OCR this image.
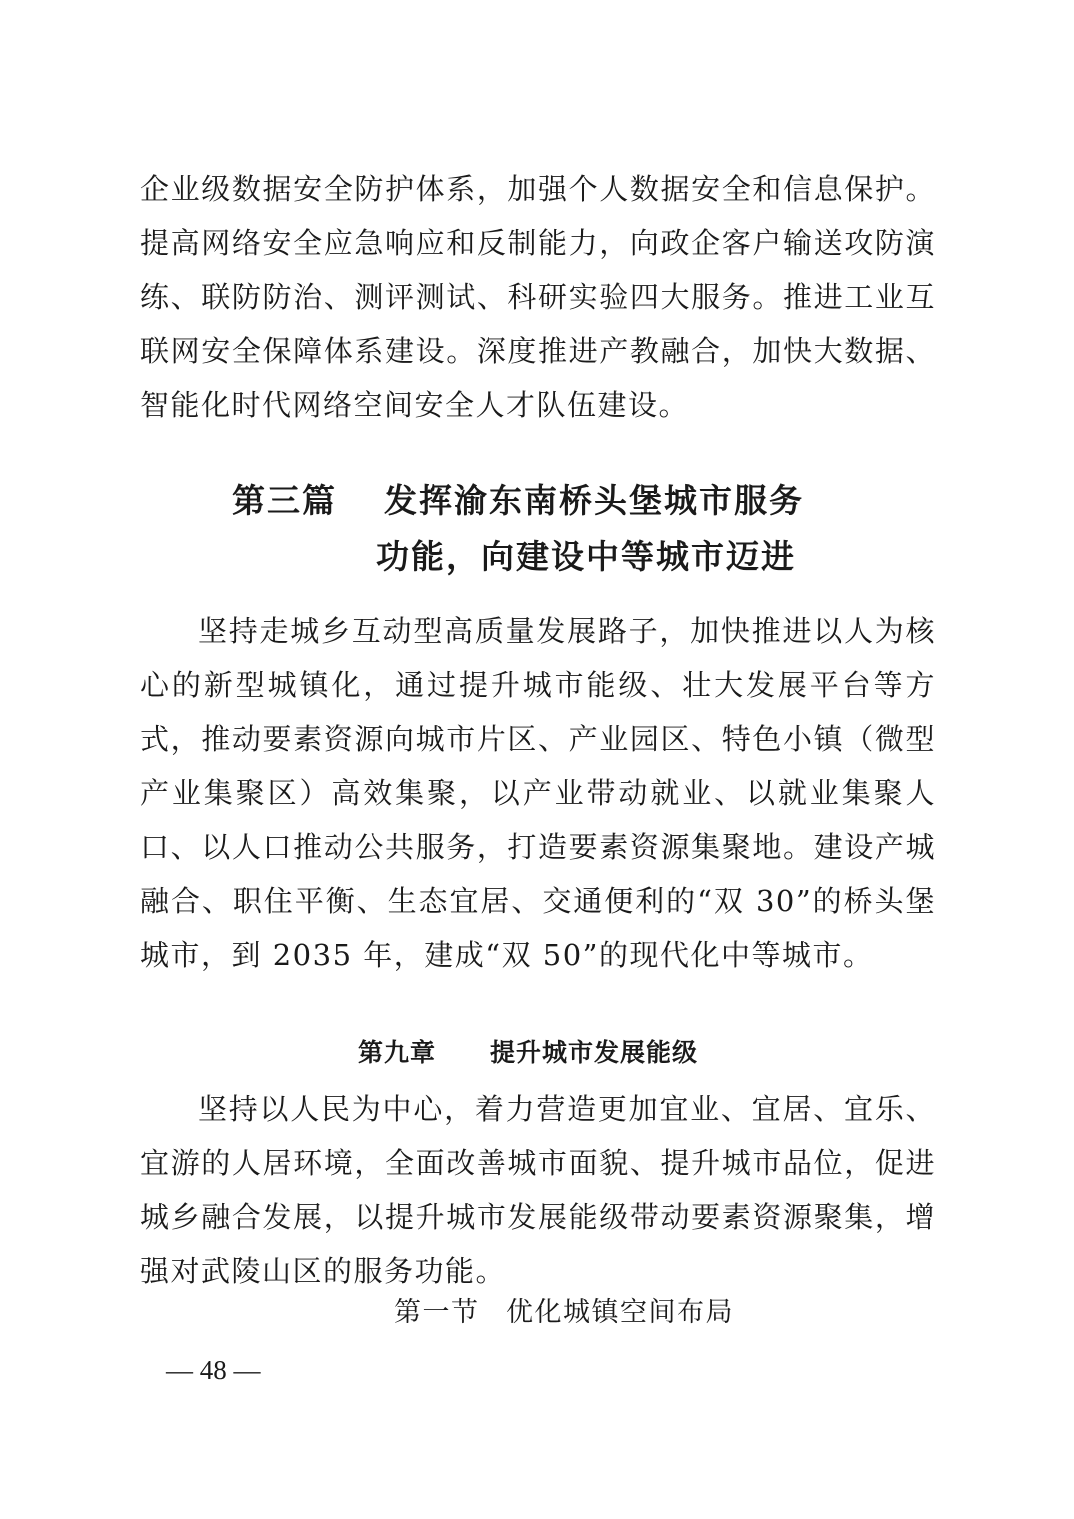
企业级数据安全防护体系，加强个人数据安全和信息保护。提高网络安全应急响应和反制能力，向政企客户输送攻防演练、联防防治、测评测试、科研实验四大服务。推进工业互联网安全保障体系建设。深度推进产教融合，加快大数据、智能化时代网络空间安全人才队伍建设。

第三篇 发挥渝东南桥头堡城市服务
功能，向建设中等城市迈进

坚持走城乡互动型高质量发展路子，加快推进以人为核心的新型城镇化，通过提升城市能级、壮大发展平台等方式，推动要素资源向城市片区、产业园区、特色小镇（微型产业集聚区）高效集聚，以产业带动就业、以就业集聚人口、以人口推动公共服务，打造要素资源集聚地。建设产城融合、职住平衡、生态宜居、交通便利的“双 30”的桥头堡城市，到 2035 年，建成“双 50”的现代化中等城市。

第九章 提升城市发展能级

坚持以人民为中心，着力营造更加宜业、宜居、宜乐、宜游的人居环境，全面改善城市面貌、提升城市品位，促进城乡融合发展，以提升城市发展能级带动要素资源聚集，增强对武陵山区的服务功能。

第一节 优化城镇空间布局
— 48 —
